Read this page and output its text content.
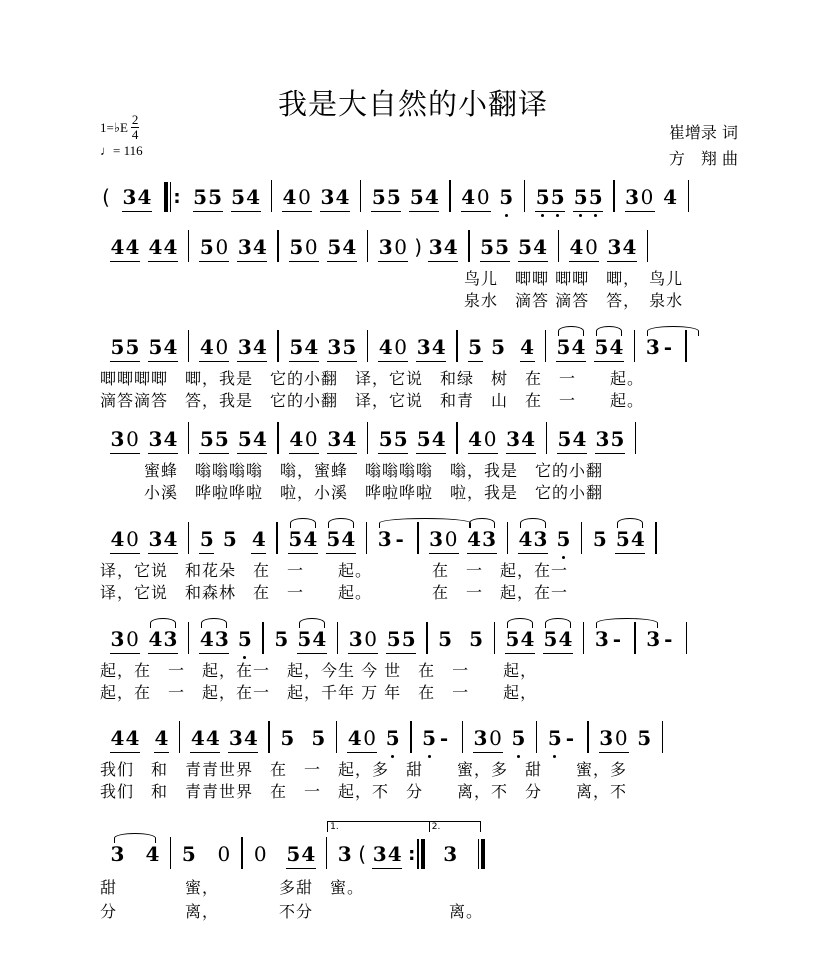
我是大自然的小翻译
1=♭E
2
4
♩= 116
崔增录 词
方　翔 曲
( 3 4 : 5 5 5 4 4 0 3 4 5 5 5 4 4 0 5 5 5 5 5 3 0 4
4 4 4 4 5 0 3 4 5 0 5 4 3 0 ) 3 4 5 5 5 4 4 0 3 4
鸟儿　唧唧 唧唧　唧，　鸟儿
泉水　滴答 滴答　答，　泉水
5 5 5 4 4 0 3 4 5 4 3 5 4 0 3 4 5 5 4 5 4 5 4 3 -
唧唧唧唧　唧，我是　它的小翻　译，它说　和绿　树　在　一　　起。
滴答滴答　答，我是　它的小翻　译，它说　和青　山　在　一　　起。
3 0 3 4 5 5 5 4 4 0 3 4 5 5 5 4 4 0 3 4 5 4 3 5
蜜蜂　嗡嗡嗡嗡　嗡，蜜蜂　嗡嗡嗡嗡　嗡，我是　它的小翻
小溪　哗啦哗啦　啦，小溪　哗啦哗啦　啦，我是　它的小翻
4 0 3 4 5 5 4 5 4 5 4 3 - 3 0 4 3 4 3 5 5 5 4
译，它说　和花朵　在　一　　起。　　　　在　一　起，在一
译，它说　和森林　在　一　　起。　　　　在　一　起，在一
3 0 4 3 4 3 5 5 5 4 3 0 5 5 5 5 5 4 5 4 3 - 3 -
起，在　一　起，在一　起，今生 今 世　在　一　　起，
起，在　一　起，在一　起，千年 万 年　在　一　　起，
4 4 4 4 4 3 4 5 5 4 0 5 5 - 3 0 5 5 - 3 0 5
我们　和　青青世界　在　一　起，多　甜　　蜜，多　甜　　蜜，多
我们　和　青青世界　在　一　起，不　分　　离，不　分　　离，不
3 4 5 0 0 5 4
1.
3 ( 3 4 :
2.
3
甜　　　　蜜，　　　　多甜　蜜。
分　　　　离，　　　　不分　　　　　　　　离。
